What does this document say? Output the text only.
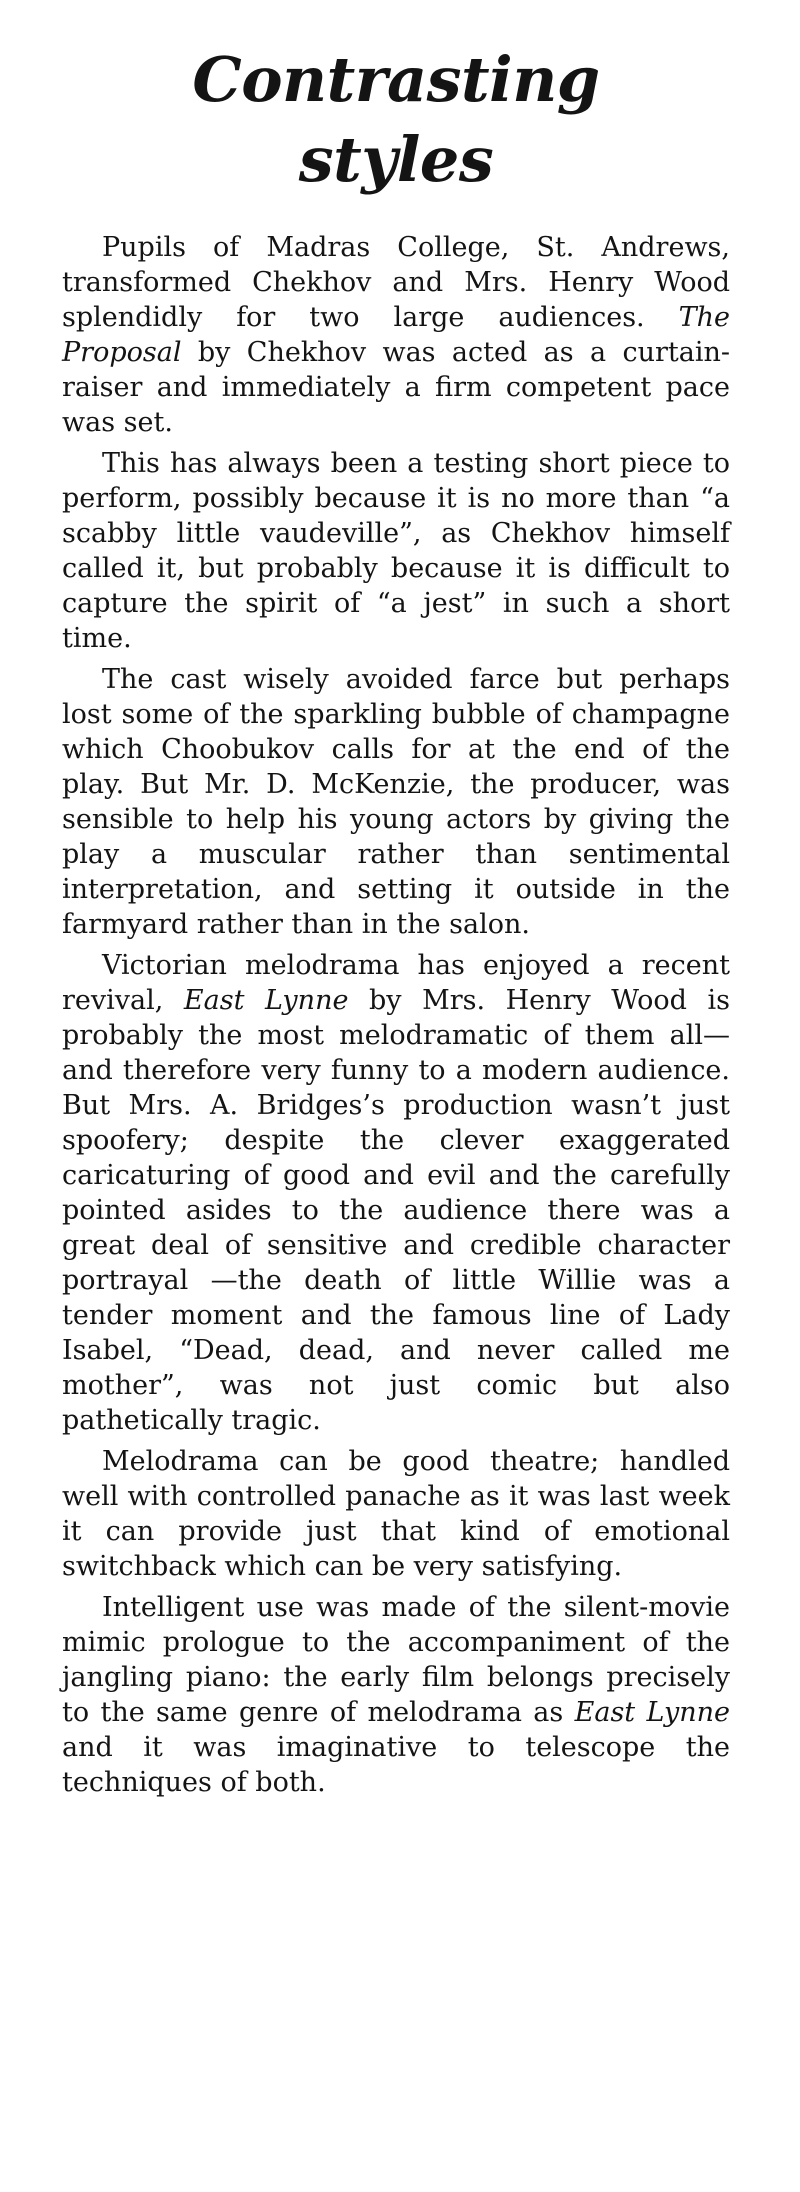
Contrasting
styles

Pupils of Madras College, St. Andrews, transformed Chekhov and Mrs. Henry Wood splendidly for two large audiences. The Proposal by Chekhov was acted as a curtain-raiser and immediately a firm competent pace was set.

This has always been a testing short piece to perform, possibly because it is no more than “a scabby little vaudeville”, as Chekhov himself called it, but probably because it is difficult to capture the spirit of “a jest” in such a short time.

The cast wisely avoided farce but perhaps lost some of the sparkling bubble of champagne which Choobukov calls for at the end of the play. But Mr. D. McKenzie, the producer, was sensible to help his young actors by giving the play a muscular rather than sentimental interpretation, and setting it outside in the farmyard rather than in the salon.

Victorian melodrama has enjoyed a recent revival, East Lynne by Mrs. Henry Wood is probably the most melodramatic of them all—and therefore very funny to a modern audience. But Mrs. A. Bridges’s production wasn’t just spoofery; despite the clever exaggerated caricaturing of good and evil and the carefully pointed asides to the audience there was a great deal of sensitive and credible character portrayal —the death of little Willie was a tender moment and the famous line of Lady Isabel, “Dead, dead, and never called me mother”, was not just comic but also pathetically tragic.

Melodrama can be good theatre; handled well with controlled panache as it was last week it can provide just that kind of emotional switchback which can be very satisfying.

Intelligent use was made of the silent-movie mimic prologue to the accompaniment of the jangling piano: the early film belongs precisely to the same genre of melodrama as East Lynne and it was imaginative to telescope the techniques of both.
